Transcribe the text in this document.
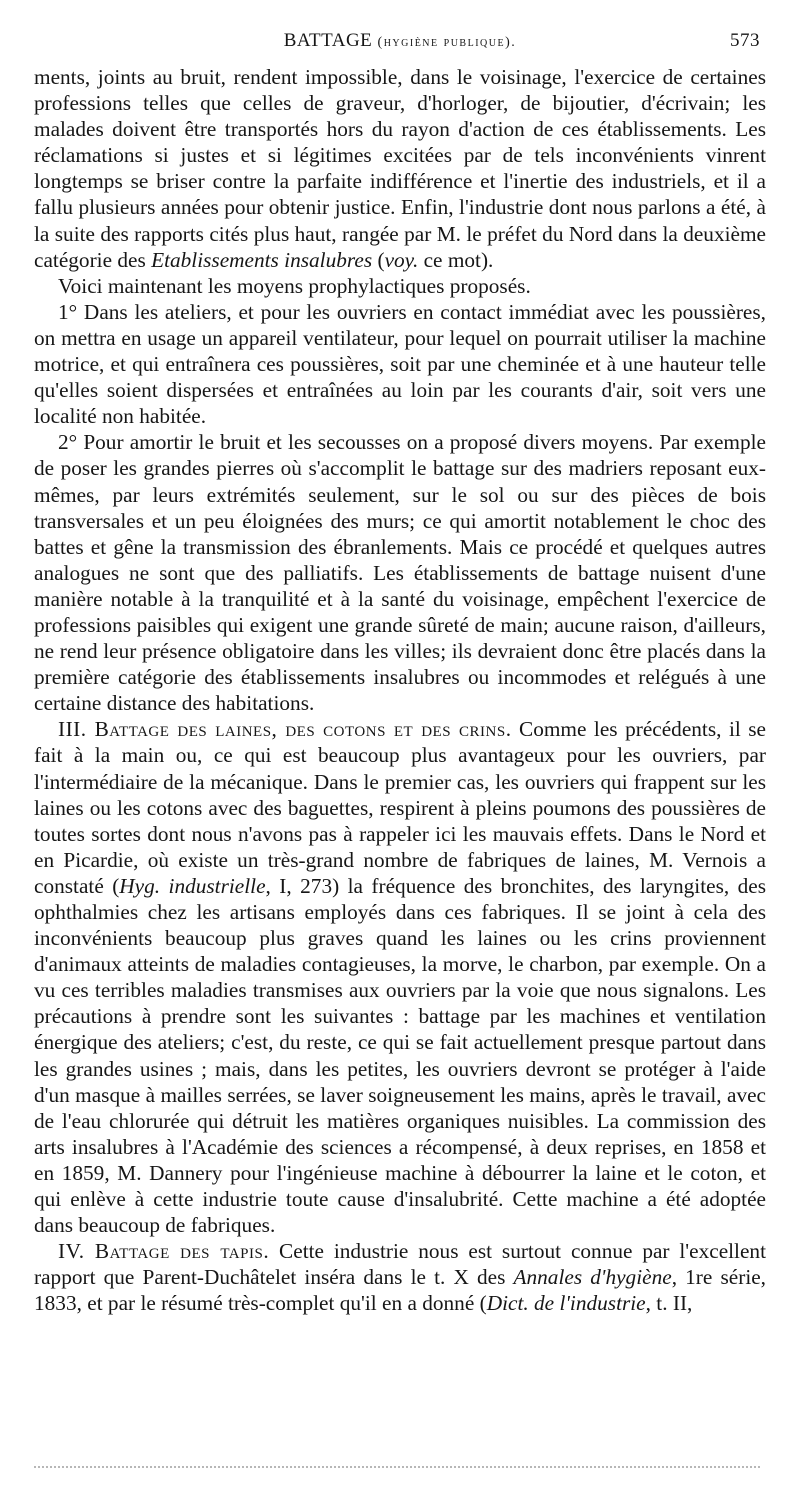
BATTAGE (hygiène publique).	573

ments, joints au bruit, rendent impossible, dans le voisinage, l'exercice de certaines professions telles que celles de graveur, d'horloger, de bijoutier, d'écrivain; les malades doivent être transportés hors du rayon d'action de ces établissements. Les réclamations si justes et si légitimes excitées par de tels inconvénients vinrent longtemps se briser contre la parfaite indifférence et l'inertie des industriels, et il a fallu plusieurs années pour obtenir justice. Enfin, l'industrie dont nous parlons a été, à la suite des rapports cités plus haut, rangée par M. le préfet du Nord dans la deuxième catégorie des Etablissements insalubres (voy. ce mot).

Voici maintenant les moyens prophylactiques proposés.

1° Dans les ateliers, et pour les ouvriers en contact immédiat avec les poussières, on mettra en usage un appareil ventilateur, pour lequel on pourrait utiliser la machine motrice, et qui entraînera ces poussières, soit par une cheminée et à une hauteur telle qu'elles soient dispersées et entraînées au loin par les courants d'air, soit vers une localité non habitée.

2° Pour amortir le bruit et les secousses on a proposé divers moyens. Par exemple de poser les grandes pierres où s'accomplit le battage sur des madriers reposant eux-mêmes, par leurs extrémités seulement, sur le sol ou sur des pièces de bois transversales et un peu éloignées des murs; ce qui amortit notablement le choc des battes et gêne la transmission des ébranlements. Mais ce procédé et quelques autres analogues ne sont que des palliatifs. Les établissements de battage nuisent d'une manière notable à la tranquilité et à la santé du voisinage, empêchent l'exercice de professions paisibles qui exigent une grande sûreté de main; aucune raison, d'ailleurs, ne rend leur présence obligatoire dans les villes; ils devraient donc être placés dans la première catégorie des établissements insalubres ou incommodes et relégués à une certaine distance des habitations.

III. Battage des laines, des cotons et des crins. Comme les précédents, il se fait à la main ou, ce qui est beaucoup plus avantageux pour les ouvriers, par l'intermédiaire de la mécanique. Dans le premier cas, les ouvriers qui frappent sur les laines ou les cotons avec des baguettes, respirent à pleins poumons des poussières de toutes sortes dont nous n'avons pas à rappeler ici les mauvais effets. Dans le Nord et en Picardie, où existe un très-grand nombre de fabriques de laines, M. Vernois a constaté (Hyg. industrielle, I, 273) la fréquence des bronchites, des laryngites, des ophthalmies chez les artisans employés dans ces fabriques. Il se joint à cela des inconvénients beaucoup plus graves quand les laines ou les crins proviennent d'animaux atteints de maladies contagieuses, la morve, le charbon, par exemple. On a vu ces terribles maladies transmises aux ouvriers par la voie que nous signalons. Les précautions à prendre sont les suivantes : battage par les machines et ventilation énergique des ateliers; c'est, du reste, ce qui se fait actuellement presque partout dans les grandes usines ; mais, dans les petites, les ouvriers devront se protéger à l'aide d'un masque à mailles serrées, se laver soigneusement les mains, après le travail, avec de l'eau chlorurée qui détruit les matières organiques nuisibles. La commission des arts insalubres à l'Académie des sciences a récompensé, à deux reprises, en 1858 et en 1859, M. Dannery pour l'ingénieuse machine à débourrer la laine et le coton, et qui enlève à cette industrie toute cause d'insalubrité. Cette machine a été adoptée dans beaucoup de fabriques.

IV. Battage des tapis. Cette industrie nous est surtout connue par l'excellent rapport que Parent-Duchâtelet inséra dans le t. X des Annales d'hygiène, 1re série, 1833, et par le résumé très-complet qu'il en a donné (Dict. de l'industrie, t. II,
